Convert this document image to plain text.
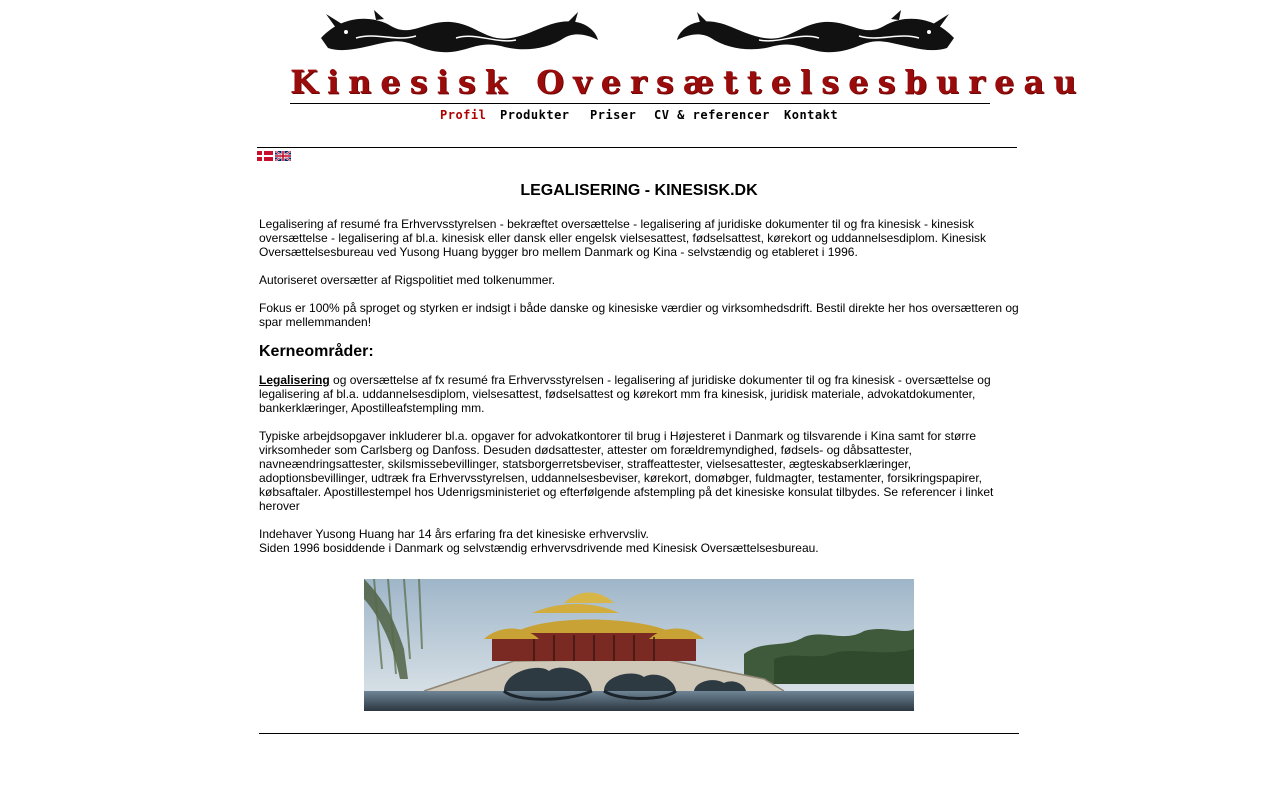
Kinesisk Oversættelsesbureau
Profil Produkter Priser CV & referencer Kontakt
LEGALISERING - KINESISK.DK

Legalisering af resumé fra Erhvervsstyrelsen - bekræftet oversættelse - legalisering af juridiske dokumenter til og fra kinesisk - kinesisk oversættelse - legalisering af bl.a. kinesisk eller dansk eller engelsk vielsesattest, fødselsattest, kørekort og uddannelsesdiplom. Kinesisk Oversættelsesbureau ved Yusong Huang bygger bro mellem Danmark og Kina - selvstændig og etableret i 1996.

Autoriseret oversætter af Rigspolitiet med tolkenummer.

Fokus er 100% på sproget og styrken er indsigt i både danske og kinesiske værdier og virksomhedsdrift. Bestil direkte her hos oversætteren og spar mellemmanden!

Kerneområder:

Legalisering og oversættelse af fx resumé fra Erhvervsstyrelsen - legalisering af juridiske dokumenter til og fra kinesisk - oversættelse og legalisering af bl.a. uddannelsesdiplom, vielsesattest, fødselsattest og kørekort mm fra kinesisk, juridisk materiale, advokatdokumenter, bankerklæringer, Apostilleafstempling mm.

Typiske arbejdsopgaver inkluderer bl.a. opgaver for advokatkontorer til brug i Højesteret i Danmark og tilsvarende i Kina samt for større virksomheder som Carlsberg og Danfoss. Desuden dødsattester, attester om forældremyndighed, fødsels- og dåbsattester, navneændringsattester, skilsmissebevillinger, statsborgerretsbeviser, straffeattester, vielsesattester, ægteskabserklæringer, adoptionsbevillinger, udtræk fra Erhvervsstyrelsen, uddannelsesbeviser, kørekort, domøbger, fuldmagter, testamenter, forsikringspapirer, købsaftaler. Apostillestempel hos Udenrigsministeriet og efterfølgende afstempling på det kinesiske konsulat tilbydes. Se referencer i linket herover

Indehaver Yusong Huang har 14 års erfaring fra det kinesiske erhvervsliv.
Siden 1996 bosiddende i Danmark og selvstændig erhvervsdrivende med Kinesisk Oversættelsesbureau.
